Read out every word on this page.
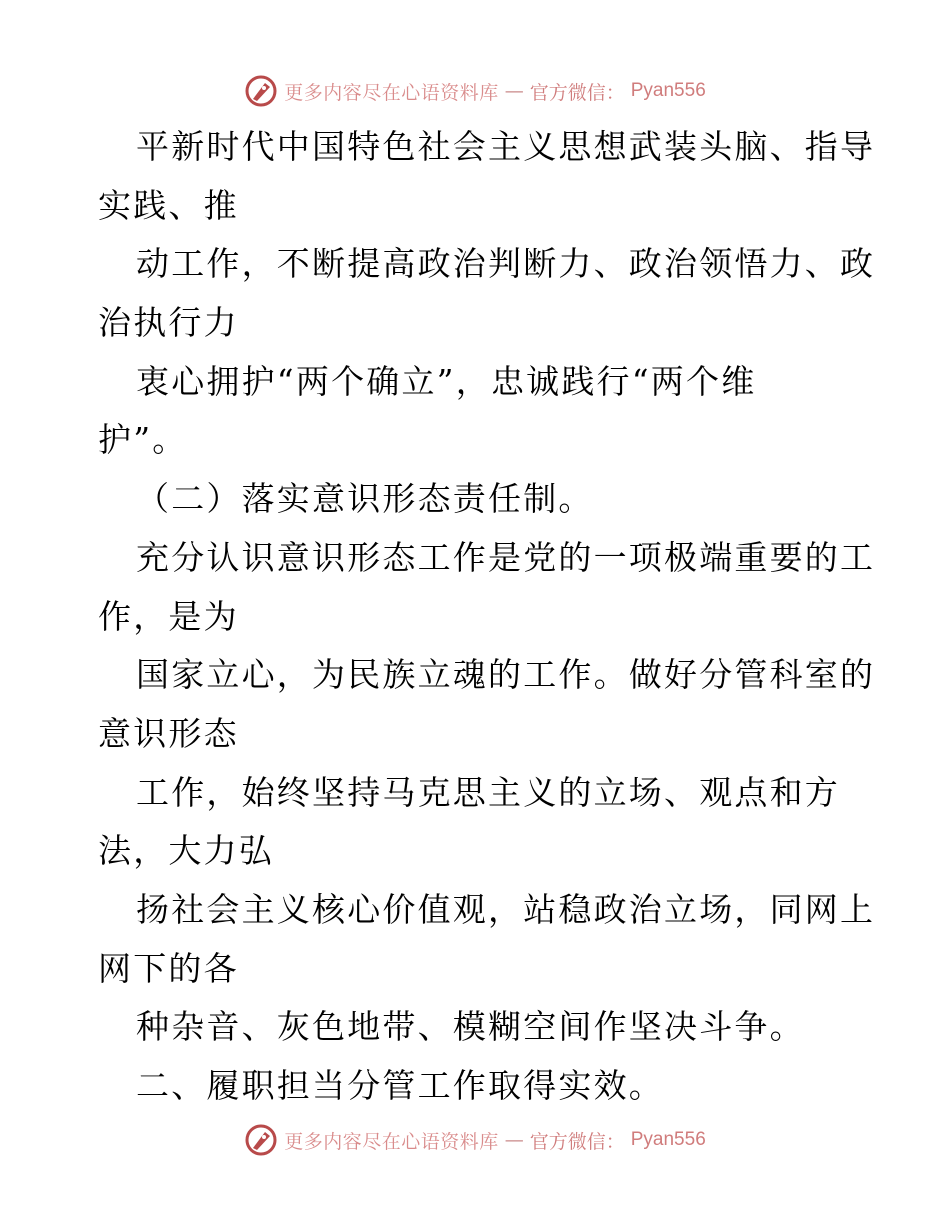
更多内容尽在心语资料库 — 官方微信： Pyan556
平新时代中国特色社会主义思想武装头脑、指导
实践、推
动工作，不断提高政治判断力、政治领悟力、政
治执行力
衷心拥护“两个确立”，忠诚践行“两个维
护”。
（二）落实意识形态责任制。
充分认识意识形态工作是党的一项极端重要的工
作，是为
国家立心，为民族立魂的工作。做好分管科室的
意识形态
工作，始终坚持马克思主义的立场、观点和方
法，大力弘
扬社会主义核心价值观，站稳政治立场，同网上
网下的各
种杂音、灰色地带、模糊空间作坚决斗争。
二、履职担当分管工作取得实效。
更多内容尽在心语资料库 — 官方微信： Pyan556
